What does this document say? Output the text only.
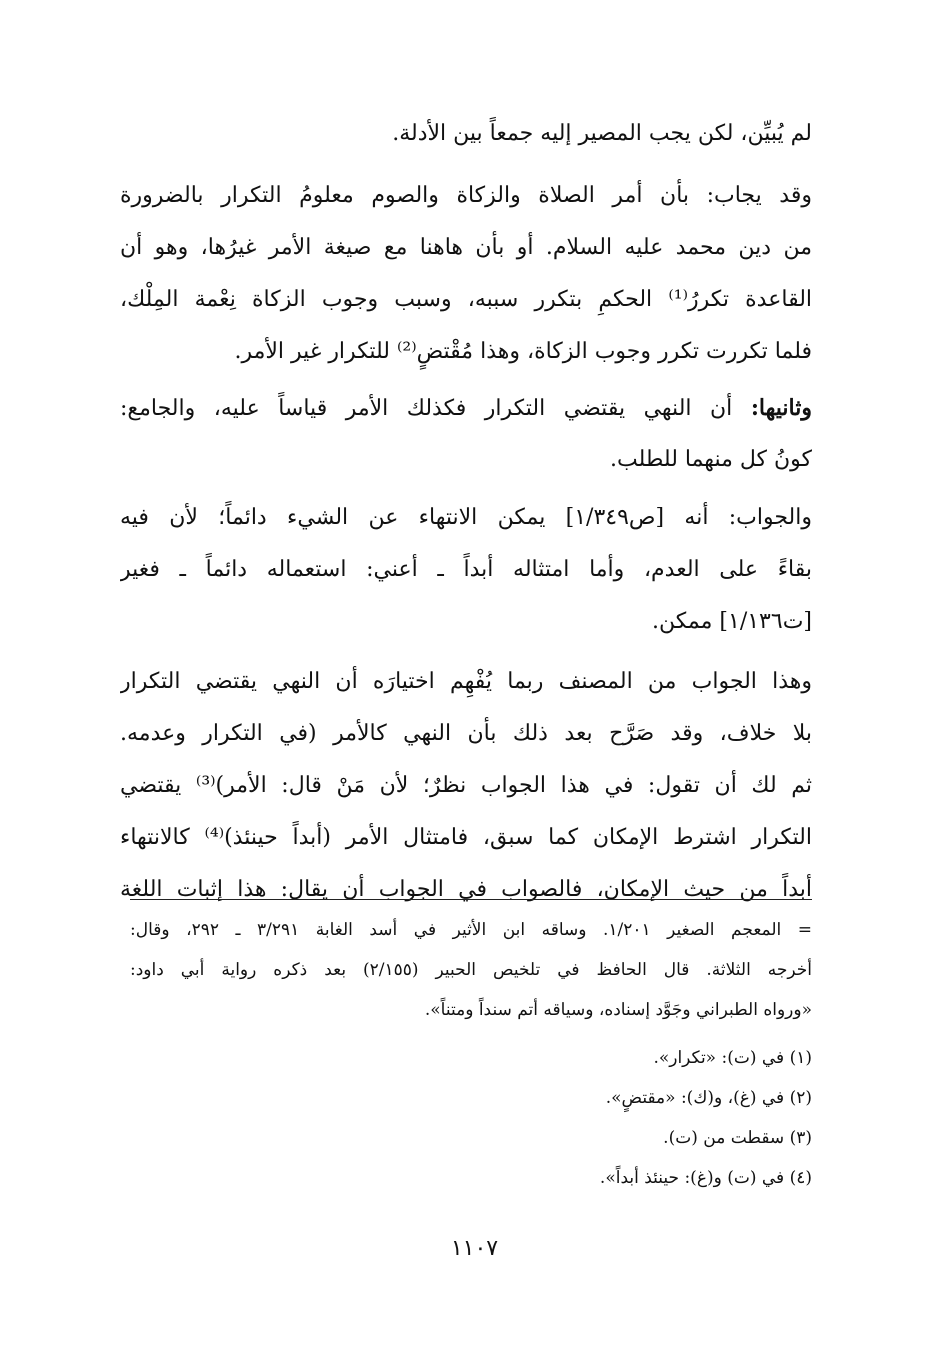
لم يُبيِّن، لكن يجب المصير إليه جمعاً بين الأدلة.
وقد يجاب: بأن أمر الصلاة والزكاة والصوم معلومُ التكرار بالضرورة
من دين محمد عليه السلام. أو بأن هاهنا مع صيغة الأمر غيرُها، وهو أن
القاعدة تكررُ⁽¹⁾ الحكمِ بتكرر سببه، وسبب وجوب الزكاة نِعْمة المِلْك،
فلما تكررت تكرر وجوب الزكاة، وهذا مُقْتضٍ⁽²⁾ للتكرار غير الأمر.
وثانيها: أن النهي يقتضي التكرار فكذلك الأمر قياساً عليه، والجامع:
كونُ كل منهما للطلب.
والجواب: أنه [ص١/٣٤٩] يمكن الانتهاء عن الشيء دائماً؛ لأن فيه
بقاءً على العدم، وأما امتثاله أبداً ـ أعني: استعماله دائماً ـ فغير
[ت١/١٣٦] ممكن.
وهذا الجواب من المصنف ربما يُفْهِم اختيارَه أن النهي يقتضي التكرار
بلا خلاف، وقد صَرَّح بعد ذلك بأن النهي كالأمر (في التكرار وعدمه.
ثم لك أن تقول: في هذا الجواب نظرٌ؛ لأن مَنْ قال: الأمر)⁽³⁾ يقتضي
التكرار اشترط الإمكان كما سبق، فامتثال الأمر (أبداً حينئذ)⁽⁴⁾ كالانتهاء
أبداً من حيث الإمكان، فالصواب في الجواب أن يقال: هذا إثبات اللغة
= المعجم الصغير ١/٢٠١. وساقه ابن الأثير في أسد الغابة ٣/٢٩١ ـ ٢٩٢، وقال:
أخرجه الثلاثة. قال الحافظ في تلخيص الحبير (٢/١٥٥) بعد ذكره رواية أبي داود:
«ورواه الطبراني وجَوَّد إسناده، وسياقه أتم سنداً ومتناً».
(١) في (ت): «تكرار».
(٢) في (غ)، و(ك): «مقتضٍ».
(٣) سقطت من (ت).
(٤) في (ت) و(غ): حينئذ أبداً».
١١٠٧
